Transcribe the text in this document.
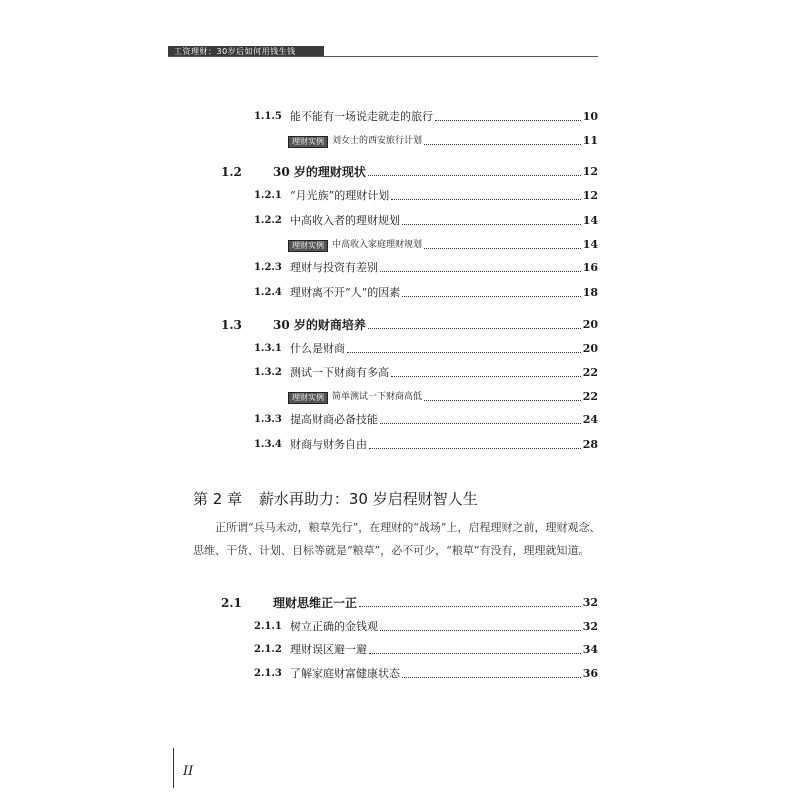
工资理财：30岁后如何用钱生钱
1.1.5 能不能有一场说走就走的旅行	10
理财实例 刘女士的西安旅行计划	11
1.2	30 岁的理财现状	12
1.2.1 “月光族”的理财计划	12
1.2.2 中高收入者的理财规划	14
理财实例 中高收入家庭理财规划	14
1.2.3 理财与投资有差别	16
1.2.4 理财离不开“人”的因素	18
1.3	30 岁的财商培养	20
1.3.1 什么是财商	20
1.3.2 测试一下财商有多高	22
理财实例 简单测试一下财商高低	22
1.3.3 提高财商必备技能	24
1.3.4 财商与财务自由	28
2.1	理财思维正一正	32
2.1.1 树立正确的金钱观	32
2.1.2 理财误区避一避	34
2.1.3 了解家庭财富健康状态	36
第 2 章 薪水再助力：30 岁启程财智人生
正所谓“兵马未动，粮草先行”，在理财的“战场”上，启程理财之前，理财观念、思维、干货、计划、目标等就是“粮草”，必不可少，“粮草”有没有，理理就知道。
II
